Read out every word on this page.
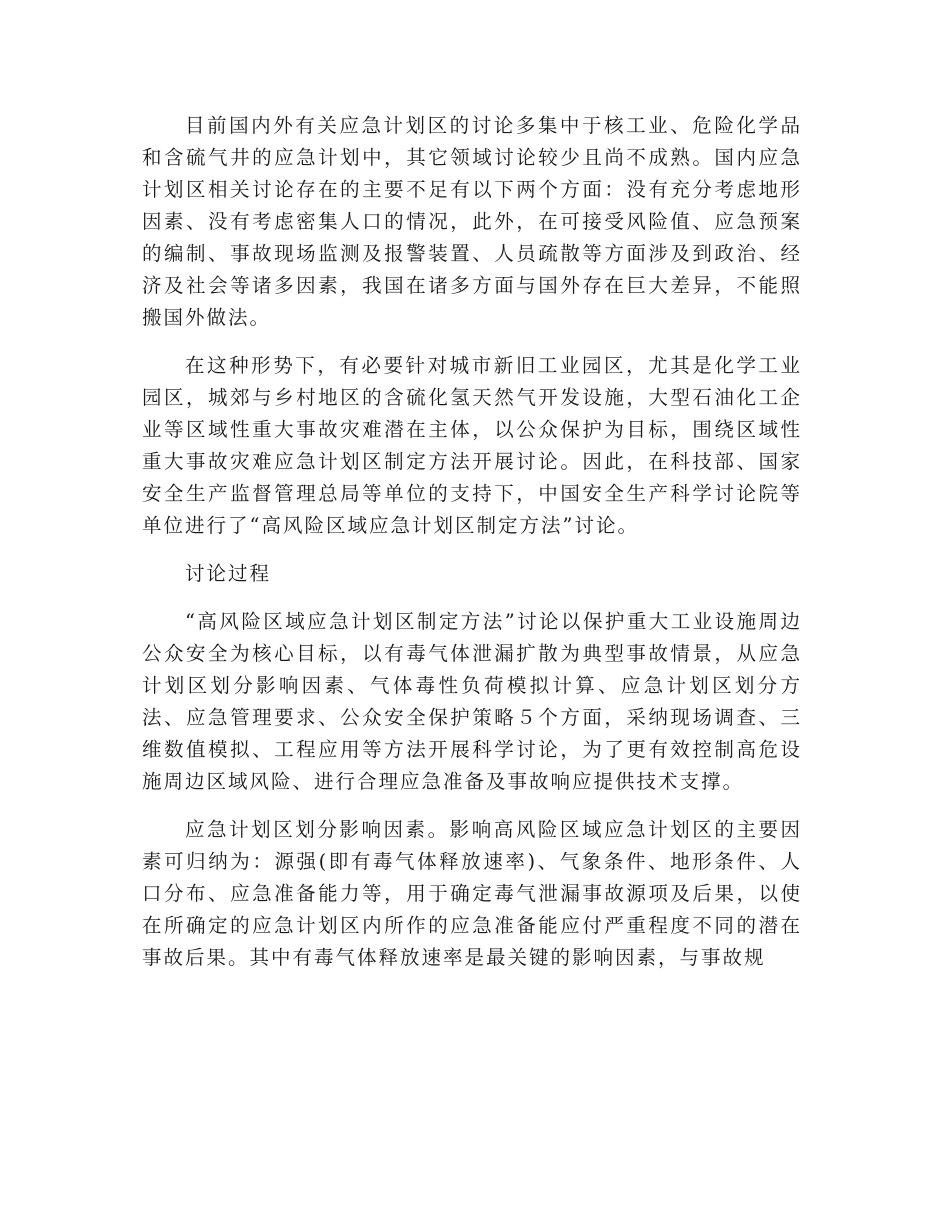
目前国内外有关应急计划区的讨论多集中于核工业、危险化学品和含硫气井的应急计划中，其它领域讨论较少且尚不成熟。国内应急计划区相关讨论存在的主要不足有以下两个方面：没有充分考虑地形因素、没有考虑密集人口的情况，此外，在可接受风险值、应急预案的编制、事故现场监测及报警装置、人员疏散等方面涉及到政治、经济及社会等诸多因素，我国在诸多方面与国外存在巨大差异，不能照搬国外做法。

在这种形势下，有必要针对城市新旧工业园区，尤其是化学工业园区，城郊与乡村地区的含硫化氢天然气开发设施，大型石油化工企业等区域性重大事故灾难潜在主体，以公众保护为目标，围绕区域性重大事故灾难应急计划区制定方法开展讨论。因此，在科技部、国家安全生产监督管理总局等单位的支持下，中国安全生产科学讨论院等单位进行了“高风险区域应急计划区制定方法”讨论。

讨论过程

“高风险区域应急计划区制定方法”讨论以保护重大工业设施周边公众安全为核心目标，以有毒气体泄漏扩散为典型事故情景，从应急计划区划分影响因素、气体毒性负荷模拟计算、应急计划区划分方法、应急管理要求、公众安全保护策略５个方面，采纳现场调查、三维数值模拟、工程应用等方法开展科学讨论，为了更有效控制高危设施周边区域风险、进行合理应急准备及事故响应提供技术支撑。

应急计划区划分影响因素。影响高风险区域应急计划区的主要因素可归纳为：源强(即有毒气体释放速率)、气象条件、地形条件、人口分布、应急准备能力等，用于确定毒气泄漏事故源项及后果，以使在所确定的应急计划区内所作的应急准备能应付严重程度不同的潜在事故后果。其中有毒气体释放速率是最关键的影响因素，与事故规
